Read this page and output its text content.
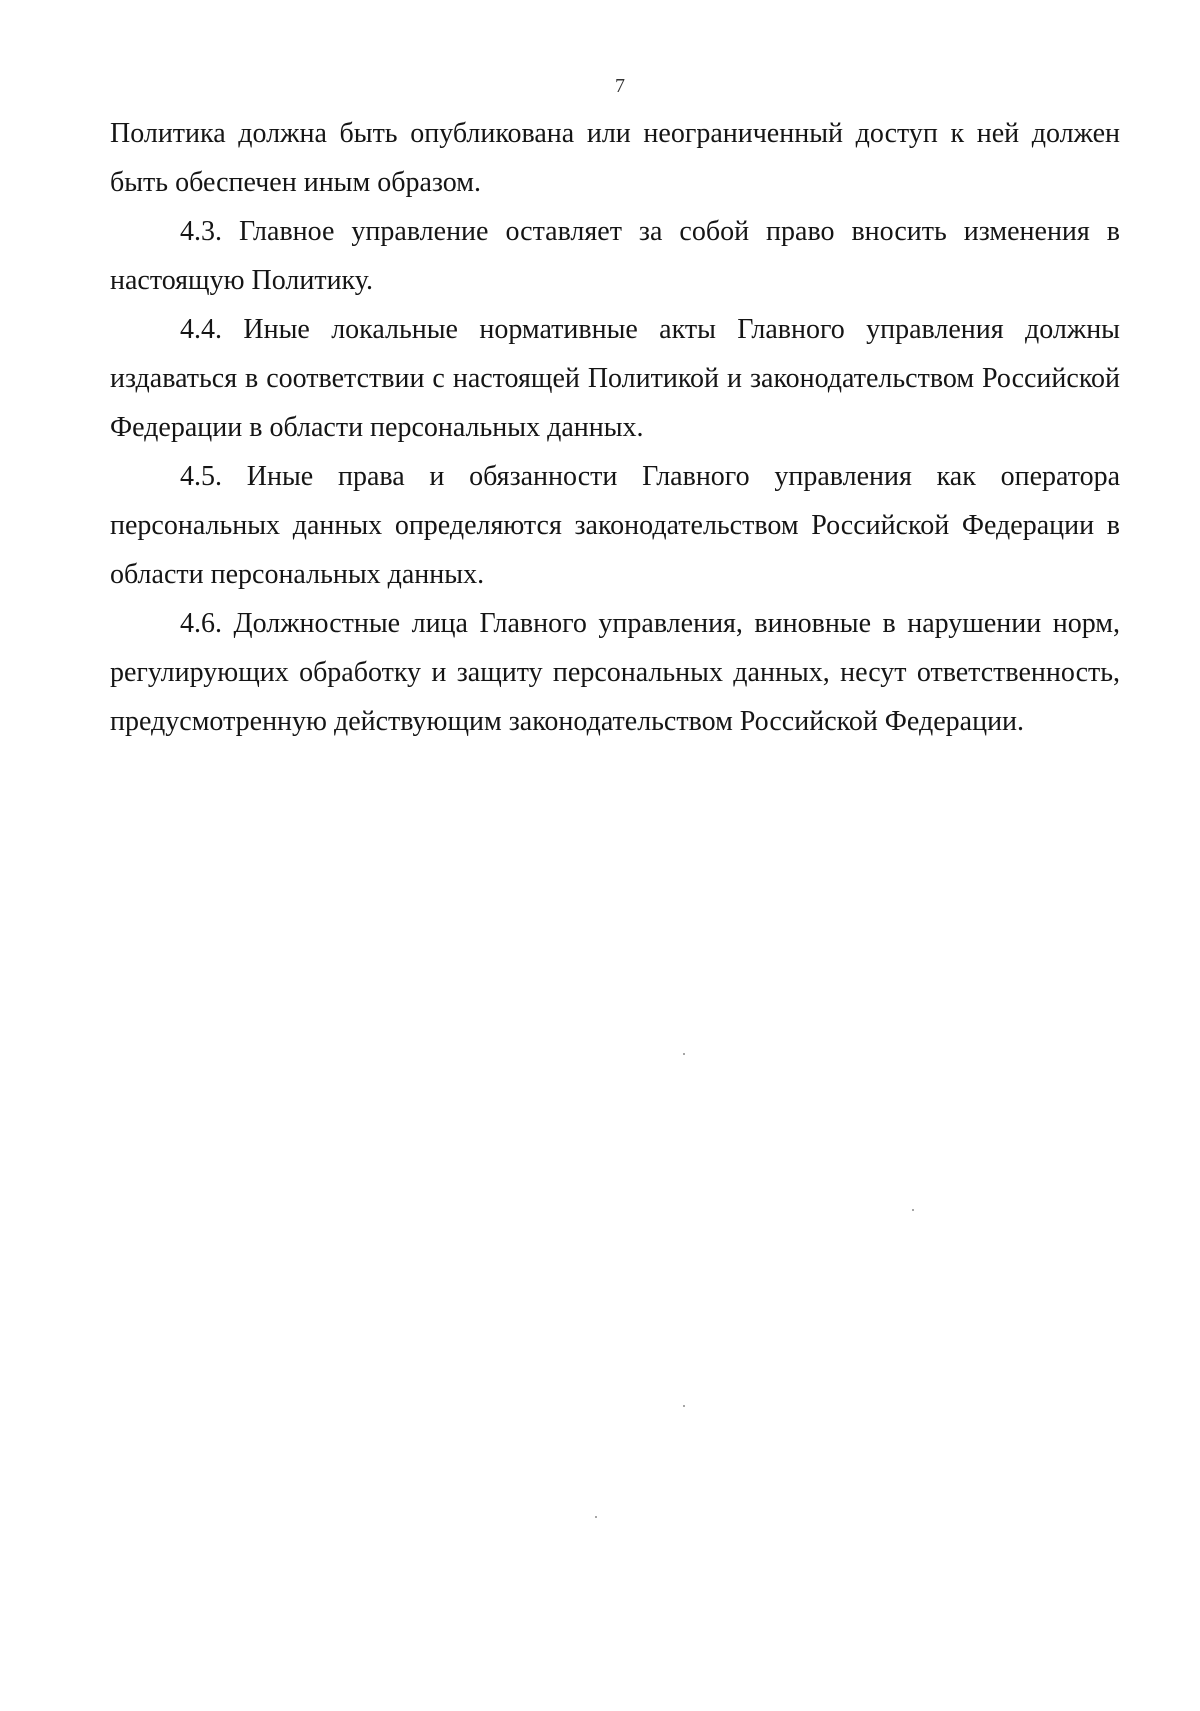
7

Политика должна быть опубликована или неограниченный доступ к ней должен быть обеспечен иным образом.

4.3. Главное управление оставляет за собой право вносить изменения в настоящую Политику.

4.4. Иные локальные нормативные акты Главного управления должны издаваться в соответствии с настоящей Политикой и законодательством Российской Федерации в области персональных данных.

4.5. Иные права и обязанности Главного управления как оператора персональных данных определяются законодательством Российской Федерации в области персональных данных.

4.6. Должностные лица Главного управления, виновные в нарушении норм, регулирующих обработку и защиту персональных данных, несут ответственность, предусмотренную действующим законодательством Российской Федерации.
